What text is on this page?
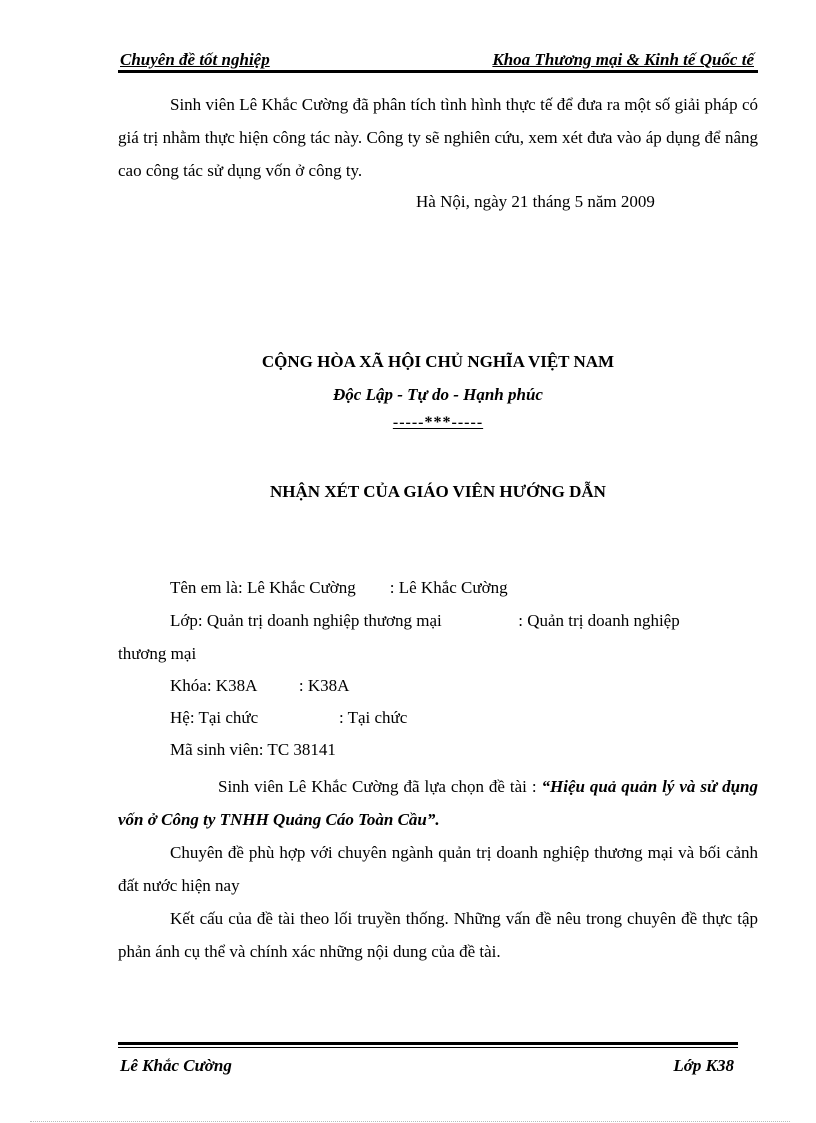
Chuyên đề tốt nghiệp	Khoa Thương mại & Kinh tế Quốc tế
Sinh viên Lê Khắc Cường đã phân tích tình hình thực tế để đưa ra một số giải pháp có giá trị nhằm thực hiện công tác này. Công ty sẽ nghiên cứu, xem xét đưa vào áp dụng để nâng cao công tác sử dụng vốn ở công ty.
Hà Nội, ngày 21 tháng 5 năm 2009
CỘNG HÒA XÃ HỘI CHỦ NGHĨA VIỆT NAM
Độc Lập - Tự do - Hạnh phúc
-----***-----
NHẬN XÉT CỦA GIÁO VIÊN HƯỚNG DẪN
Tên em là: Lê Khắc Cường        : Lê Khắc Cường
Lớp: Quản trị doanh nghiệp thương mại                  : Quản trị doanh nghiệp
thương mại
Khóa: K38A          : K38A
Hệ: Tại chức                   : Tại chức
Mã sinh viên: TC 38141
Sinh viên Lê Khắc Cường đã lựa chọn đề tài : “Hiệu quả quản lý và sử dụng vốn ở Công ty TNHH Quảng Cáo Toàn Cầu”.
Chuyên đề phù hợp với chuyên ngành quản trị doanh nghiệp thương mại và bối cảnh đất nước hiện nay
Kết cấu của đề tài theo lối truyền thống. Những vấn đề nêu trong chuyên đề thực tập phản ánh cụ thể và chính xác những nội dung của đề tài.
Lê Khắc Cường	Lớp K38
